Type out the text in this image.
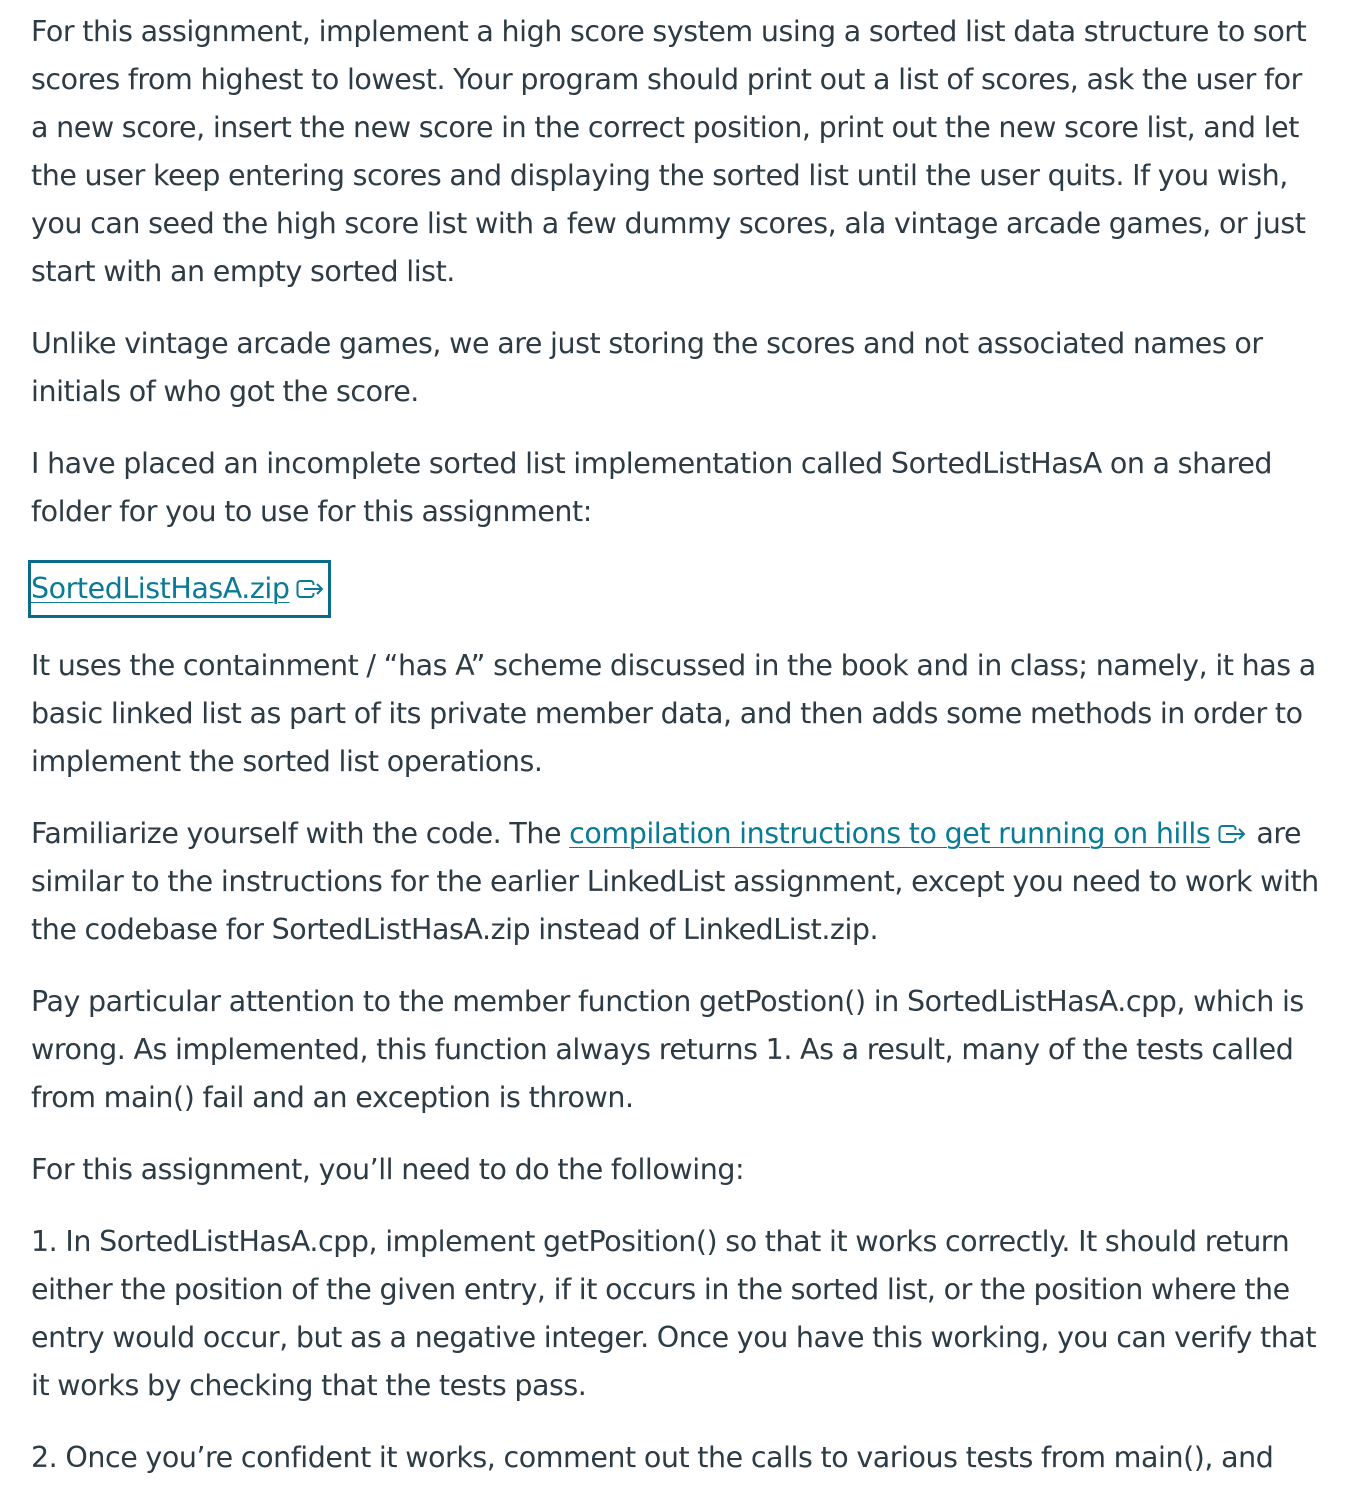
For this assignment, implement a high score system using a sorted list data structure to sort scores from highest to lowest. Your program should print out a list of scores, ask the user for a new score, insert the new score in the correct position, print out the new score list, and let the user keep entering scores and displaying the sorted list until the user quits. If you wish, you can seed the high score list with a few dummy scores, ala vintage arcade games, or just start with an empty sorted list.

Unlike vintage arcade games, we are just storing the scores and not associated names or initials of who got the score.

I have placed an incomplete sorted list implementation called SortedListHasA on a shared folder for you to use for this assignment:

SortedListHasA.zip

It uses the containment / “has A” scheme discussed in the book and in class; namely, it has a basic linked list as part of its private member data, and then adds some methods in order to implement the sorted list operations.

Familiarize yourself with the code. The compilation instructions to get running on hills
are similar to the instructions for the earlier LinkedList assignment, except you need to work with the codebase for SortedListHasA.zip instead of LinkedList.zip.

Pay particular attention to the member function getPostion() in SortedListHasA.cpp, which is wrong. As implemented, this function always returns 1. As a result, many of the tests called from main() fail and an exception is thrown.

For this assignment, you’ll need to do the following:

1. In SortedListHasA.cpp, implement getPosition() so that it works correctly. It should return either the position of the given entry, if it occurs in the sorted list, or the position where the entry would occur, but as a negative integer. Once you have this working, you can verify that it works by checking that the tests pass.

2. Once you’re confident it works, comment out the calls to various tests from main(), and
